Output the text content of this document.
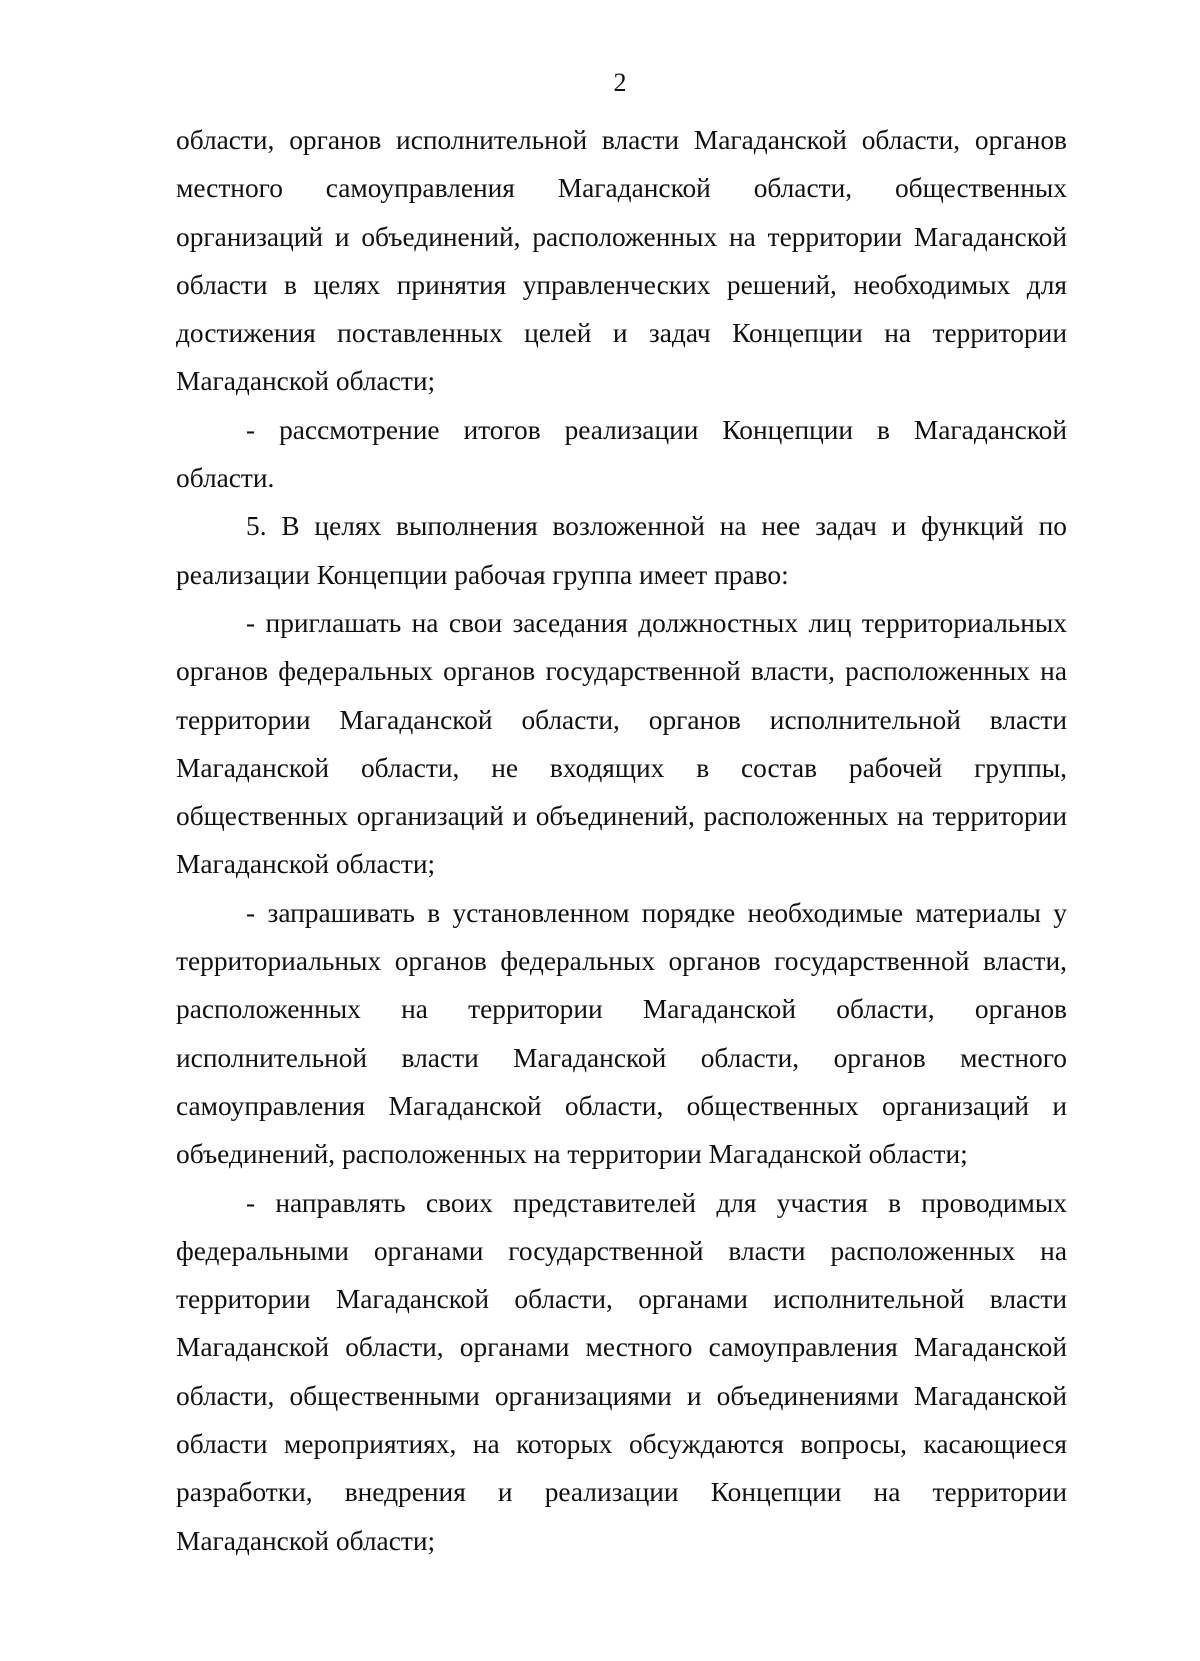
2

области, органов исполнительной власти Магаданской области, органов местного самоуправления Магаданской области, общественных организаций и объединений, расположенных на территории Магаданской области в целях принятия управленческих решений, необходимых для достижения поставленных целей и задач Концепции на территории Магаданской области;

- рассмотрение итогов реализации Концепции в Магаданской области.

5. В целях выполнения возложенной на нее задач и функций по реализации Концепции рабочая группа имеет право:

- приглашать на свои заседания должностных лиц территориальных органов федеральных органов государственной власти, расположенных на территории Магаданской области, органов исполнительной власти Магаданской области, не входящих в состав рабочей группы, общественных организаций и объединений, расположенных на территории Магаданской области;

- запрашивать в установленном порядке необходимые материалы у территориальных органов федеральных органов государственной власти, расположенных на территории Магаданской области, органов исполнительной власти Магаданской области, органов местного самоуправления Магаданской области, общественных организаций и объединений, расположенных на территории Магаданской области;

- направлять своих представителей для участия в проводимых федеральными органами государственной власти расположенных на территории Магаданской области, органами исполнительной власти Магаданской области, органами местного самоуправления Магаданской области, общественными организациями и объединениями Магаданской области мероприятиях, на которых обсуждаются вопросы, касающиеся разработки, внедрения и реализации Концепции на территории Магаданской области;
